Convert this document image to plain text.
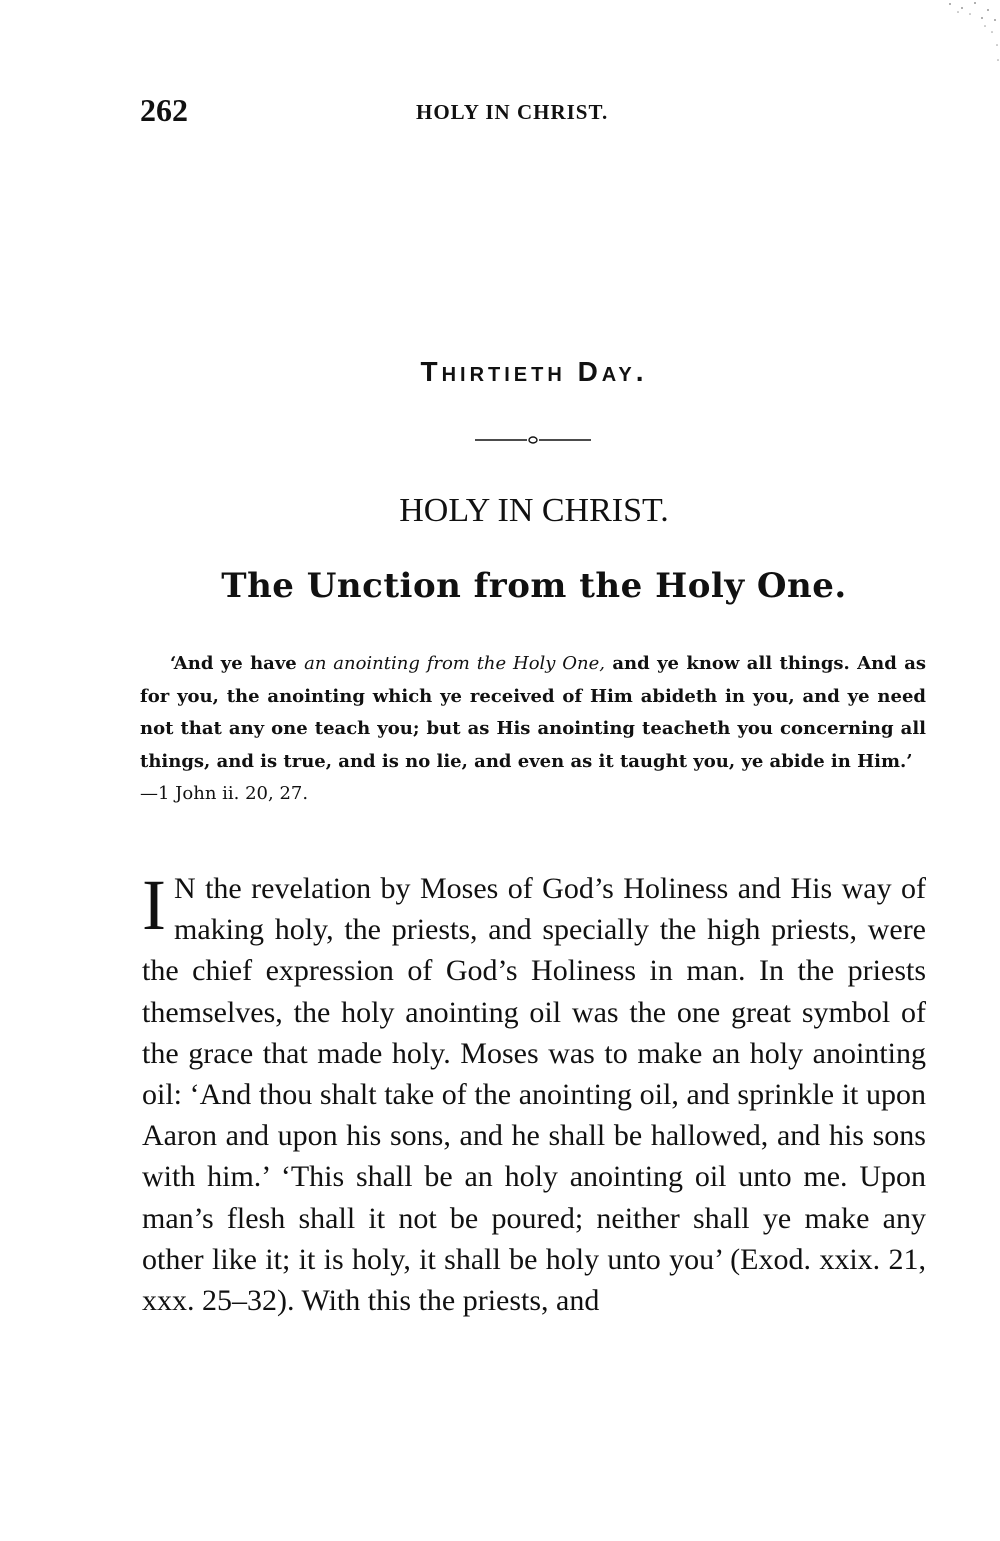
262	HOLY IN CHRIST.
Thirtieth Day.
HOLY IN CHRIST.
The Unction from the Holy One.
‘And ye have an anointing from the Holy One, and ye know all things. And as for you, the anointing which ye received of Him abideth in you, and ye need not that any one teach you; but as His anointing teacheth you concerning all things, and is true, and is no lie, and even as it taught you, ye abide in Him.’
—1 John ii. 20, 27.
I N the revelation by Moses of God’s Holiness and His way of making holy, the priests, and specially the high priests, were the chief expression of God’s Holiness in man. In the priests themselves, the holy anointing oil was the one great symbol of the grace that made holy. Moses was to make an holy anointing oil: ‘And thou shalt take of the anointing oil, and sprinkle it upon Aaron and upon his sons, and he shall be hallowed, and his sons with him.’ ‘This shall be an holy anointing oil unto me. Upon man’s flesh shall it not be poured; neither shall ye make any other like it; it is holy, it shall be holy unto you’ (Exod. xxix. 21, xxx. 25–32). With this the priests, and
